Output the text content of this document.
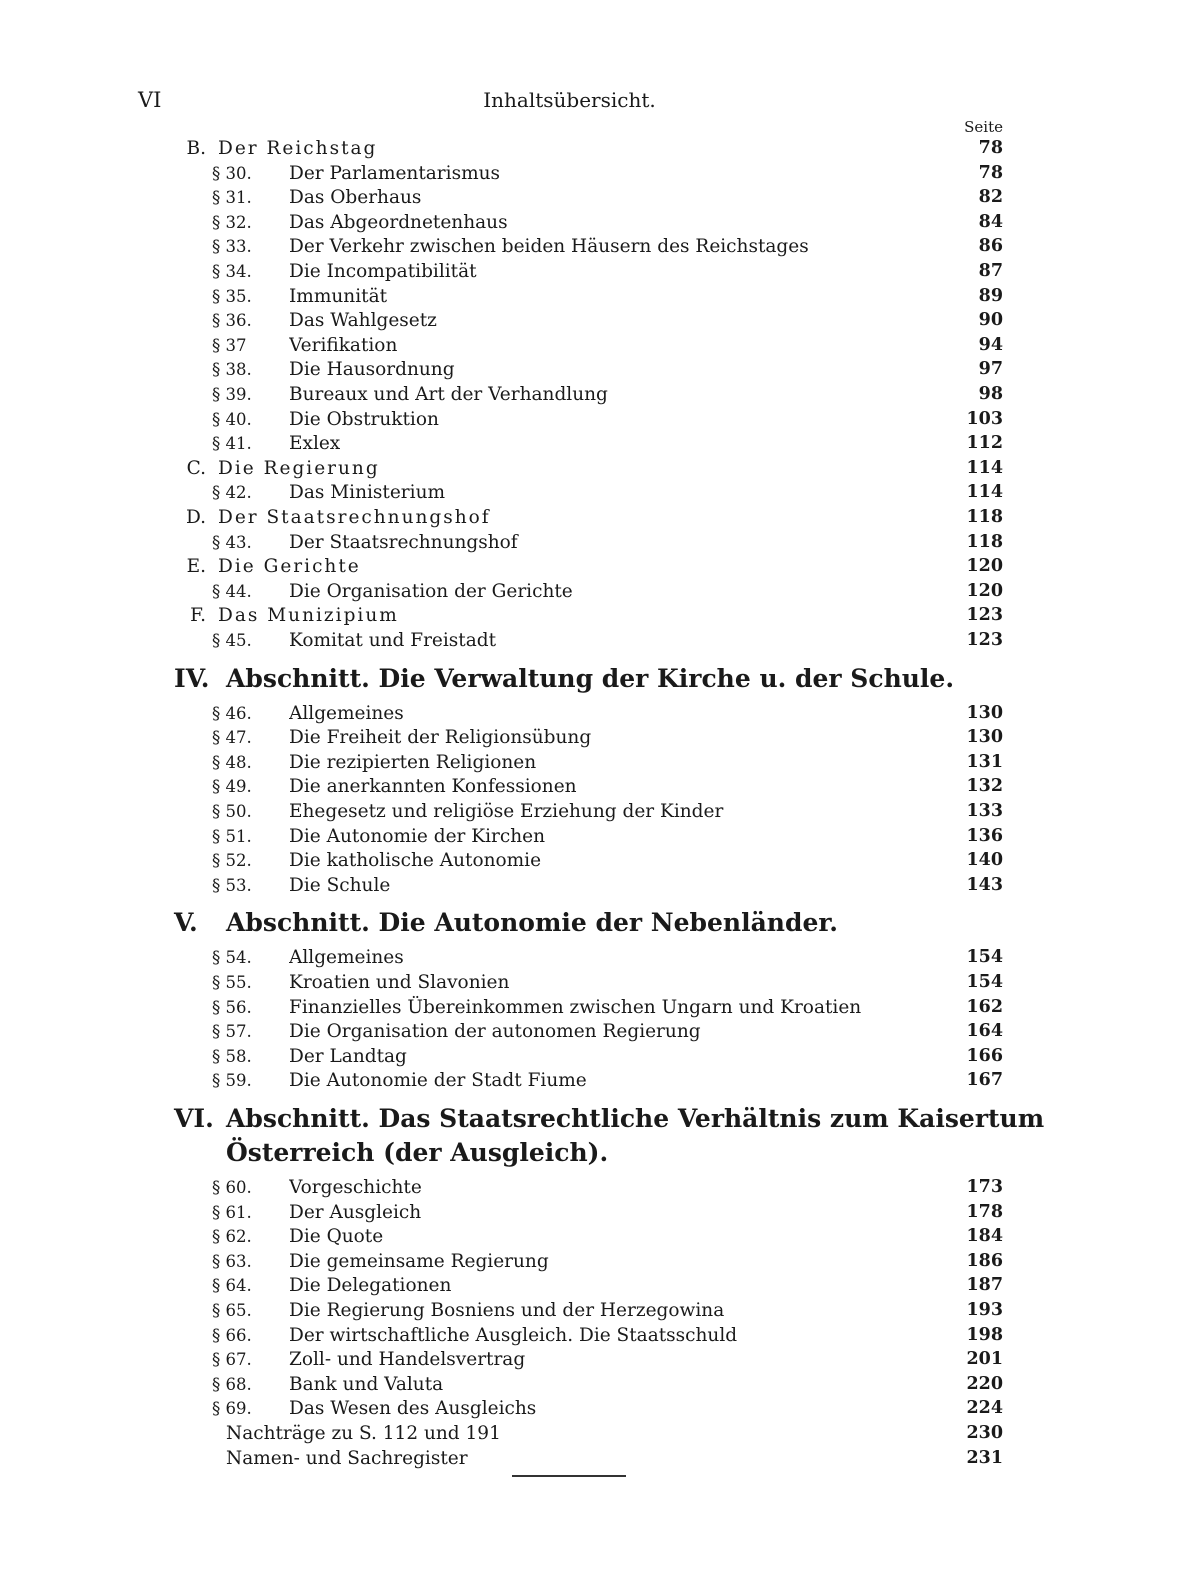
VI	Inhaltsübersicht.
Seite
B. Der Reichstag . . .	78
§ 30.	Der Parlamentarismus . . .	78
§ 31.	Das Oberhaus . . .	82
§ 32.	Das Abgeordnetenhaus . . .	84
§ 33.	Der Verkehr zwischen beiden Häusern des Reichstages . . .	86
§ 34.	Die Incompatibilität . . .	87
§ 35.	Immunität . . .	89
§ 36.	Das Wahlgesetz . . .	90
§ 37	Verifikation . . .	94
§ 38.	Die Hausordnung . . .	97
§ 39.	Bureaux und Art der Verhandlung . . .	98
§ 40.	Die Obstruktion . . .	103
§ 41.	Exlex . . .	112
C. Die Regierung . . .	114
§ 42.	Das Ministerium . . .	114
D. Der Staatsrechnungshof . . .	118
§ 43.	Der Staatsrechnungshof . . .	118
E. Die Gerichte . . .	120
§ 44.	Die Organisation der Gerichte . . .	120
F. Das Munizipium . . .	123
§ 45.	Komitat und Freistadt . . .	123
IV. Abschnitt. Die Verwaltung der Kirche u. der Schule.
§ 46.	Allgemeines . . .	130
§ 47.	Die Freiheit der Religionsübung . . .	130
§ 48.	Die rezipierten Religionen . . .	131
§ 49.	Die anerkannten Konfessionen . . .	132
§ 50.	Ehegesetz und religiöse Erziehung der Kinder . . .	133
§ 51.	Die Autonomie der Kirchen . . .	136
§ 52.	Die katholische Autonomie . . .	140
§ 53.	Die Schule . . .	143
V. Abschnitt. Die Autonomie der Nebenländer.
§ 54.	Allgemeines . . .	154
§ 55.	Kroatien und Slavonien . . .	154
§ 56.	Finanzielles Übereinkommen zwischen Ungarn und Kroatien . . .	162
§ 57.	Die Organisation der autonomen Regierung . . .	164
§ 58.	Der Landtag . . .	166
§ 59.	Die Autonomie der Stadt Fiume . . .	167
VI. Abschnitt. Das Staatsrechtliche Verhältnis zum Kaisertum
Österreich (der Ausgleich).
§ 60.	Vorgeschichte . . .	173
§ 61.	Der Ausgleich . . .	178
§ 62.	Die Quote . . .	184
§ 63.	Die gemeinsame Regierung . . .	186
§ 64.	Die Delegationen . . .	187
§ 65.	Die Regierung Bosniens und der Herzegowina . . .	193
§ 66.	Der wirtschaftliche Ausgleich. Die Staatsschuld . . .	198
§ 67.	Zoll- und Handelsvertrag . . .	201
§ 68.	Bank und Valuta . . .	220
§ 69.	Das Wesen des Ausgleichs . . .	224
Nachträge zu S. 112 und 191 . . .	230
Namen- und Sachregister . . .	231
